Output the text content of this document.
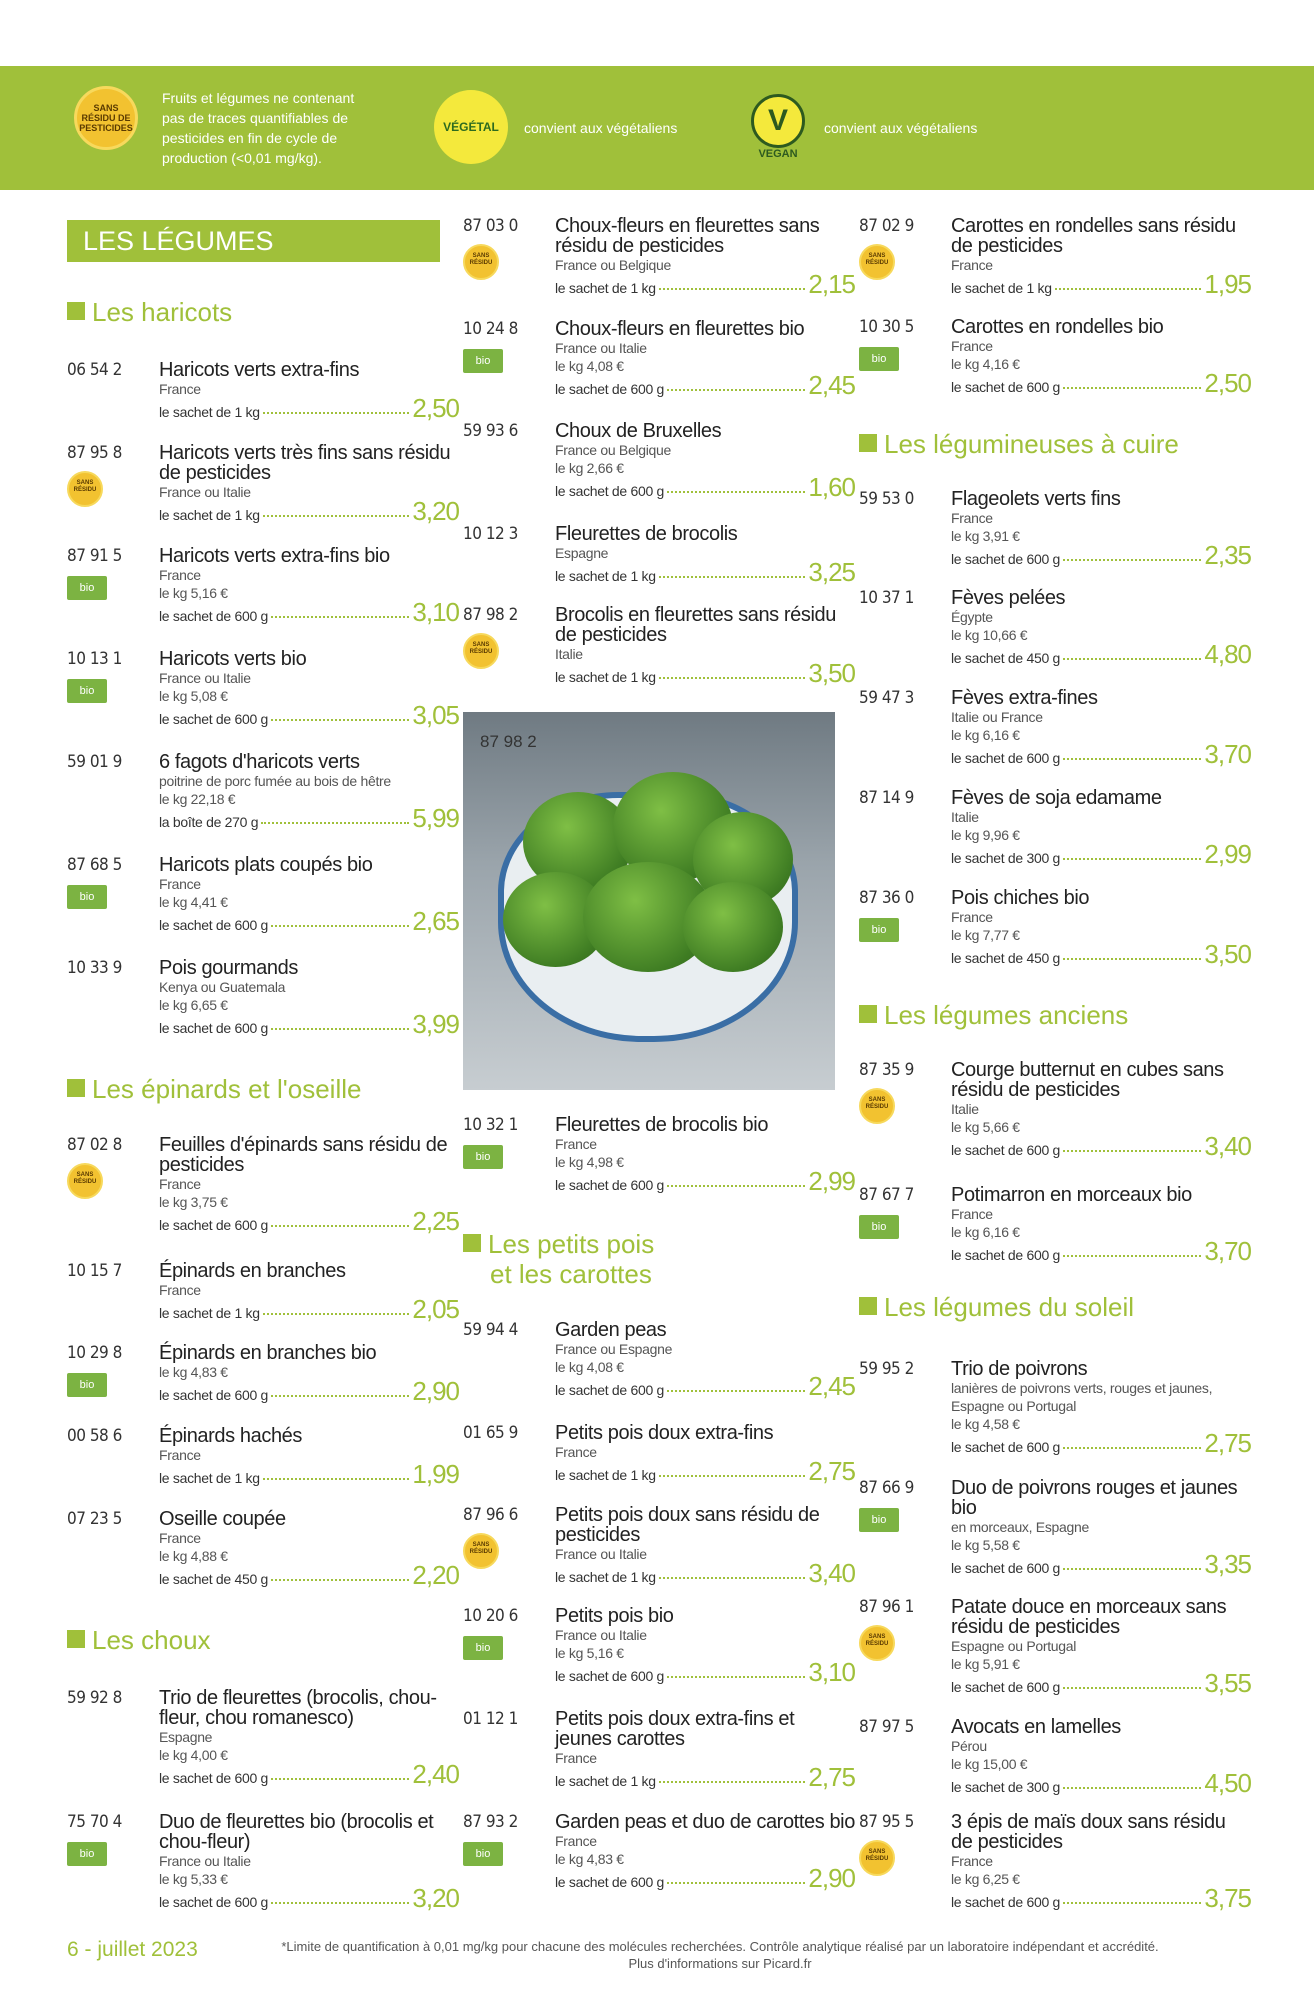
SANS RÉSIDU DE PESTICIDES
Fruits et légumes ne contenant pas de traces quantifiables de pesticides en fin de cycle de production (<0,01 mg/kg).
VÉGÉTAL	convient aux végétaliens	V
VEGAN
convient aux végétaliens
LES LÉGUMES
Les haricots
Les épinards et l'oseille
Les choux
Les petits pois
et les carottes
Les légumineuses à cuire
Les légumes anciens
Les légumes du soleil
87 98 2
06 54 2 Haricots verts extra-fins
France
le sachet de 1 kg	2,50
87 95 8
SANS RÉSIDU
Haricots verts très fins sans résidu de pesticides
France ou Italie
le sachet de 1 kg	3,20
87 91 5
bio
Haricots verts extra-fins bio
France
le kg 5,16 €
le sachet de 600 g	3,10
10 13 1
bio
Haricots verts bio
France ou Italie
le kg 5,08 €
le sachet de 600 g	3,05
59 01 9 6 fagots d'haricots verts
poitrine de porc fumée au bois de hêtre
le kg 22,18 €
la boîte de 270 g	5,99
87 68 5
bio
Haricots plats coupés bio
France
le kg 4,41 €
le sachet de 600 g	2,65
10 33 9 Pois gourmands
Kenya ou Guatemala
le kg 6,65 €
le sachet de 600 g	3,99
87 02 8
SANS RÉSIDU
Feuilles d'épinards sans résidu de pesticides
France
le kg 3,75 €
le sachet de 600 g	2,25
10 15 7 Épinards en branches
France
le sachet de 1 kg	2,05
10 29 8
bio
Épinards en branches bio
le kg 4,83 €
le sachet de 600 g	2,90
00 58 6 Épinards hachés
France
le sachet de 1 kg	1,99
07 23 5 Oseille coupée
France
le kg 4,88 €
le sachet de 450 g	2,20
59 92 8 Trio de fleurettes (brocolis, chou-fleur, chou romanesco)
Espagne
le kg 4,00 €
le sachet de 600 g	2,40
75 70 4
bio
Duo de fleurettes bio (brocolis et chou-fleur)
France ou Italie
le kg 5,33 €
le sachet de 600 g	3,20
87 03 0
SANS RÉSIDU
Choux-fleurs en fleurettes sans résidu de pesticides
France ou Belgique
le sachet de 1 kg	2,15
10 24 8
bio
Choux-fleurs en fleurettes bio
France ou Italie
le kg 4,08 €
le sachet de 600 g	2,45
59 93 6 Choux de Bruxelles
France ou Belgique
le kg 2,66 €
le sachet de 600 g	1,60
10 12 3 Fleurettes de brocolis
Espagne
le sachet de 1 kg	3,25
87 98 2
SANS RÉSIDU
Brocolis en fleurettes sans résidu de pesticides
Italie
le sachet de 1 kg	3,50
10 32 1
bio
Fleurettes de brocolis bio
France
le kg 4,98 €
le sachet de 600 g	2,99
59 94 4 Garden peas
France ou Espagne
le kg 4,08 €
le sachet de 600 g	2,45
01 65 9 Petits pois doux extra-fins
France
le sachet de 1 kg	2,75
87 96 6
SANS RÉSIDU
Petits pois doux sans résidu de pesticides
France ou Italie
le sachet de 1 kg	3,40
10 20 6
bio
Petits pois bio
France ou Italie
le kg 5,16 €
le sachet de 600 g	3,10
01 12 1 Petits pois doux extra-fins et jeunes carottes
France
le sachet de 1 kg	2,75
87 93 2
bio
Garden peas et duo de carottes bio
France
le kg 4,83 €
le sachet de 600 g	2,90
87 02 9
SANS RÉSIDU
Carottes en rondelles sans résidu de pesticides
France
le sachet de 1 kg	1,95
10 30 5
bio
Carottes en rondelles bio
France
le kg 4,16 €
le sachet de 600 g	2,50
59 53 0 Flageolets verts fins
France
le kg 3,91 €
le sachet de 600 g	2,35
10 37 1 Fèves pelées
Égypte
le kg 10,66 €
le sachet de 450 g	4,80
59 47 3 Fèves extra-fines
Italie ou France
le kg 6,16 €
le sachet de 600 g	3,70
87 14 9 Fèves de soja edamame
Italie
le kg 9,96 €
le sachet de 300 g	2,99
87 36 0
bio
Pois chiches bio
France
le kg 7,77 €
le sachet de 450 g	3,50
87 35 9
SANS RÉSIDU
Courge butternut en cubes sans résidu de pesticides
Italie
le kg 5,66 €
le sachet de 600 g	3,40
87 67 7
bio
Potimarron en morceaux bio
France
le kg 6,16 €
le sachet de 600 g	3,70
59 95 2 Trio de poivrons
lanières de poivrons verts, rouges et jaunes,
Espagne ou Portugal
le kg 4,58 €
le sachet de 600 g	2,75
87 66 9
bio
Duo de poivrons rouges et jaunes bio
en morceaux, Espagne
le kg 5,58 €
le sachet de 600 g	3,35
87 96 1
SANS RÉSIDU
Patate douce en morceaux sans résidu de pesticides
Espagne ou Portugal
le kg 5,91 €
le sachet de 600 g	3,55
87 97 5 Avocats en lamelles
Pérou
le kg 15,00 €
le sachet de 300 g	4,50
87 95 5
SANS RÉSIDU
3 épis de maïs doux sans résidu de pesticides
France
le kg 6,25 €
le sachet de 600 g	3,75
6 - juillet 2023	*Limite de quantification à 0,01 mg/kg pour chacune des molécules recherchées. Contrôle analytique réalisé par un laboratoire indépendant et accrédité. Plus d'informations sur Picard.fr
